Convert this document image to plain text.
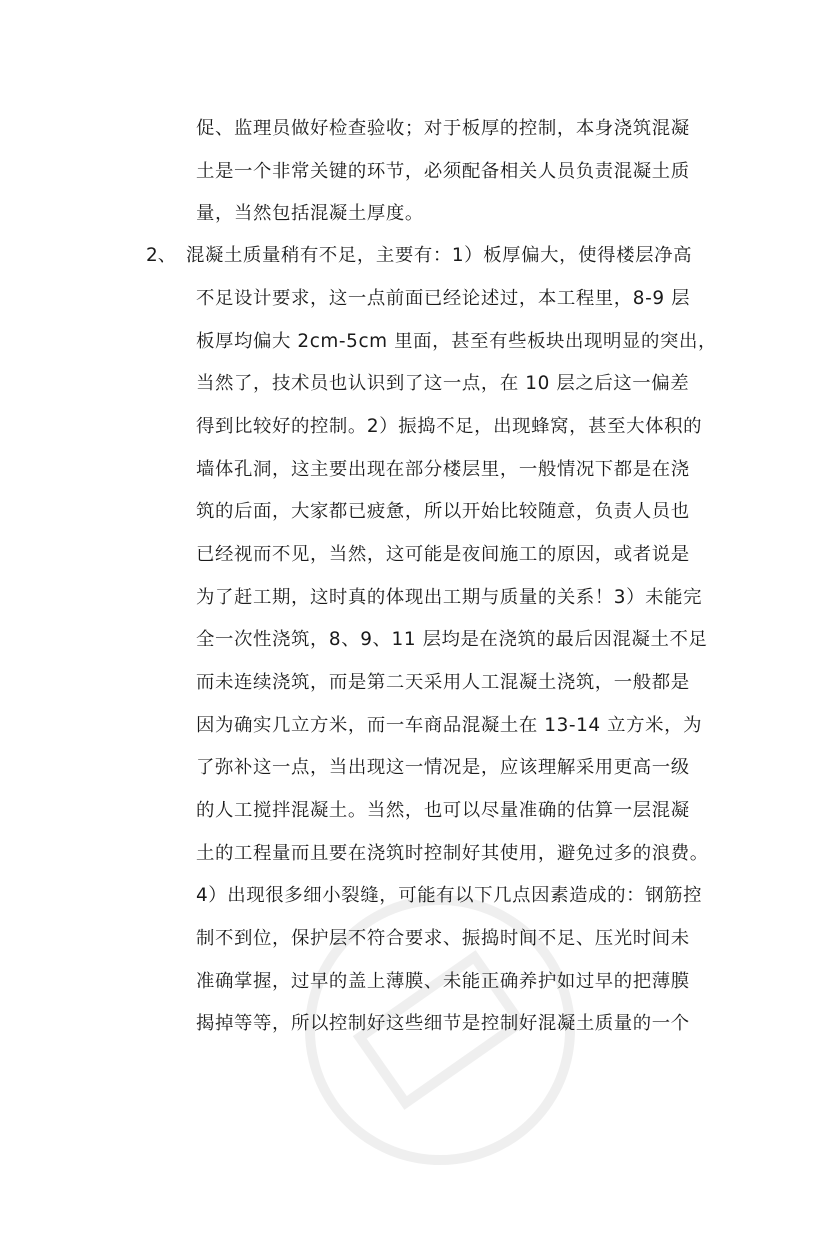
促、监理员做好检查验收；对于板厚的控制，本身浇筑混凝
土是一个非常关键的环节，必须配备相关人员负责混凝土质
量，当然包括混凝土厚度。
2、 混凝土质量稍有不足，主要有：1）板厚偏大，使得楼层净高
不足设计要求，这一点前面已经论述过，本工程里，8-9 层
板厚均偏大 2cm-5cm 里面，甚至有些板块出现明显的突出，
当然了，技术员也认识到了这一点，在 10 层之后这一偏差
得到比较好的控制。2）振捣不足，出现蜂窝，甚至大体积的
墙体孔洞，这主要出现在部分楼层里，一般情况下都是在浇
筑的后面，大家都已疲惫，所以开始比较随意，负责人员也
已经视而不见，当然，这可能是夜间施工的原因，或者说是
为了赶工期，这时真的体现出工期与质量的关系！3）未能完
全一次性浇筑，8、9、11 层均是在浇筑的最后因混凝土不足
而未连续浇筑，而是第二天采用人工混凝土浇筑，一般都是
因为确实几立方米，而一车商品混凝土在 13-14 立方米，为
了弥补这一点，当出现这一情况是，应该理解采用更高一级
的人工搅拌混凝土。当然，也可以尽量准确的估算一层混凝
土的工程量而且要在浇筑时控制好其使用，避免过多的浪费。
4）出现很多细小裂缝，可能有以下几点因素造成的：钢筋控
制不到位，保护层不符合要求、振捣时间不足、压光时间未
准确掌握，过早的盖上薄膜、未能正确养护如过早的把薄膜
揭掉等等，所以控制好这些细节是控制好混凝土质量的一个
